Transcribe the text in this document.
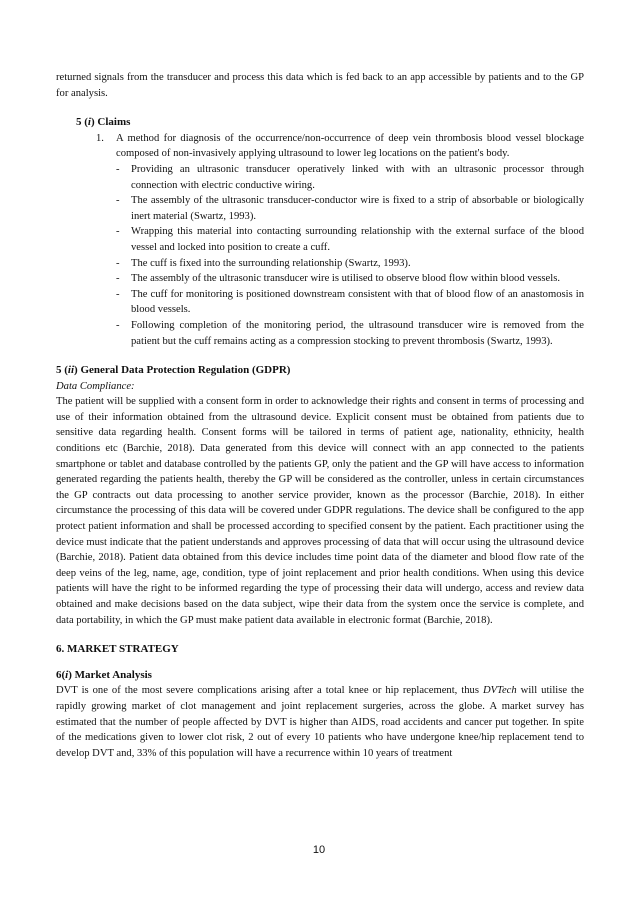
returned signals from the transducer and process this data which is fed back to an app accessible by patients and to the GP for analysis.

5 (i) Claims
1.	A method for diagnosis of the occurrence/non-occurrence of deep vein thrombosis blood vessel blockage composed of non-invasively applying ultrasound to lower leg locations on the patient's body.
-	Providing an ultrasonic transducer operatively linked with with an ultrasonic processor through connection with electric conductive wiring.
-	The assembly of the ultrasonic transducer-conductor wire is fixed to a strip of absorbable or biologically inert material (Swartz, 1993).
-	Wrapping this material into contacting surrounding relationship with the external surface of the blood vessel and locked into position to create a cuff.
-	The cuff is fixed into the surrounding relationship (Swartz, 1993).
-	The assembly of the ultrasonic transducer wire is utilised to observe blood flow within blood vessels.
-	The cuff for monitoring is positioned downstream consistent with that of blood flow of an anastomosis in blood vessels.
-	Following completion of the monitoring period, the ultrasound transducer wire is removed from the patient but the cuff remains acting as a compression stocking to prevent thrombosis (Swartz, 1993).
5 (ii) General Data Protection Regulation (GDPR)

Data Compliance:

The patient will be supplied with a consent form in order to acknowledge their rights and consent in terms of processing and use of their information obtained from the ultrasound device. Explicit consent must be obtained from patients due to sensitive data regarding health. Consent forms will be tailored in terms of patient age, nationality, ethnicity, health conditions etc (Barchie, 2018). Data generated from this device will connect with an app connected to the patients smartphone or tablet and database controlled by the patients GP, only the patient and the GP will have access to information generated regarding the patients health, thereby the GP will be considered as the controller, unless in certain circumstances the GP contracts out data processing to another service provider, known as the processor (Barchie, 2018). In either circumstance the processing of this data will be covered under GDPR regulations. The device shall be configured to the app protect patient information and shall be processed according to specified consent by the patient. Each practitioner using the device must indicate that the patient understands and approves processing of data that will occur using the ultrasound device (Barchie, 2018). Patient data obtained from this device includes time point data of the diameter and blood flow rate of the deep veins of the leg, name, age, condition, type of joint replacement and prior health conditions. When using this device patients will have the right to be informed regarding the type of processing their data will undergo, access and review data obtained and make decisions based on the data subject, wipe their data from the system once the service is complete, and data portability, in which the GP must make patient data available in electronic format (Barchie, 2018).

6. MARKET STRATEGY
6(i) Market Analysis

DVT is one of the most severe complications arising after a total knee or hip replacement, thus DVTech will utilise the rapidly growing market of clot management and joint replacement surgeries, across the globe. A market survey has estimated that the number of people affected by DVT is higher than AIDS, road accidents and cancer put together. In spite of the medications given to lower clot risk, 2 out of every 10 patients who have undergone knee/hip replacement tend to develop DVT and, 33% of this population will have a recurrence within 10 years of treatment

10
